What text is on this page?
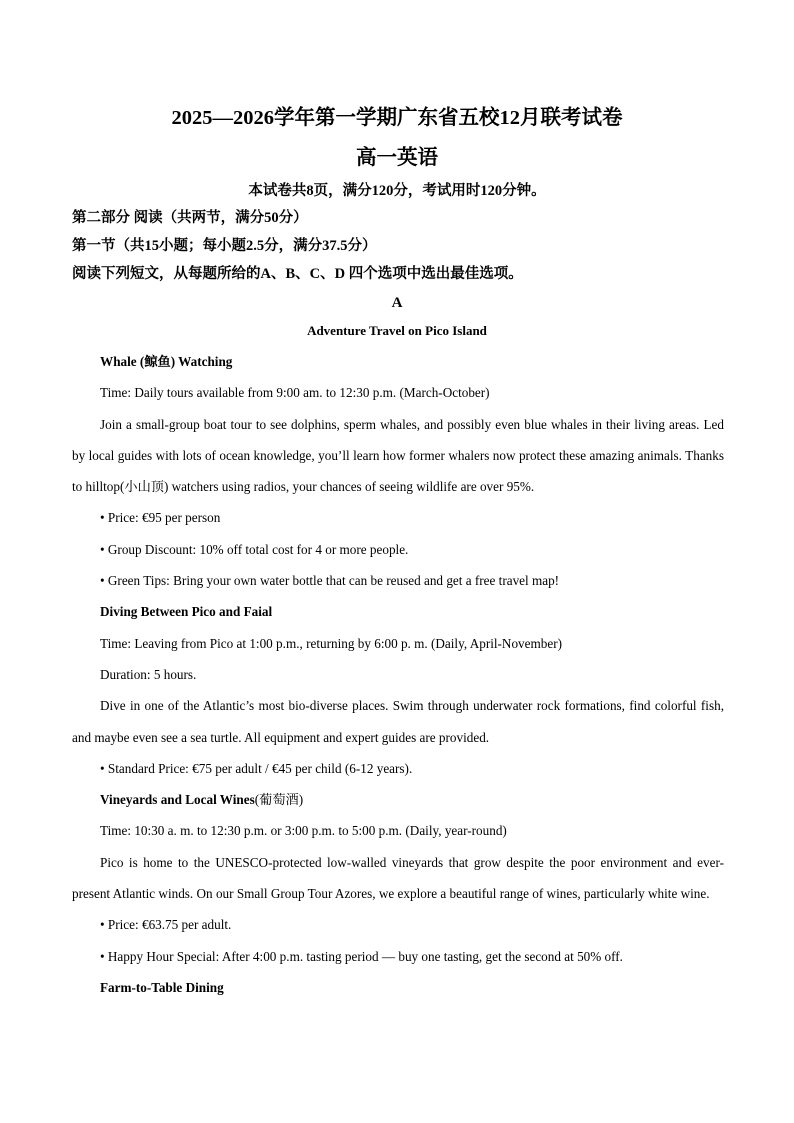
2025—2026学年第一学期广东省五校12月联考试卷
高一英语
本试卷共8页，满分120分，考试用时120分钟。
第二部分 阅读（共两节，满分50分）
第一节（共15小题；每小题2.5分，满分37.5分）
阅读下列短文，从每题所给的A、B、C、D 四个选项中选出最佳选项。
A
Adventure Travel on Pico Island

Whale (鲸鱼) Watching

Time: Daily tours available from 9:00 am. to 12:30 p.m. (March-October)

Join a small-group boat tour to see dolphins, sperm whales, and possibly even blue whales in their living areas. Led by local guides with lots of ocean knowledge, you’ll learn how former whalers now protect these amazing animals. Thanks to hilltop(小山顶) watchers using radios, your chances of seeing wildlife are over 95%.

• Price: €95 per person

• Group Discount: 10% off total cost for 4 or more people.

• Green Tips: Bring your own water bottle that can be reused and get a free travel map!

Diving Between Pico and Faial

Time: Leaving from Pico at 1:00 p.m., returning by 6:00 p. m. (Daily, April-November)

Duration: 5 hours.

Dive in one of the Atlantic’s most bio-diverse places. Swim through underwater rock formations, find colorful fish, and maybe even see a sea turtle. All equipment and expert guides are provided.

• Standard Price: €75 per adult / €45 per child (6-12 years).

Vineyards and Local Wines(葡萄酒)

Time: 10:30 a. m. to 12:30 p.m. or 3:00 p.m. to 5:00 p.m. (Daily, year-round)

Pico is home to the UNESCO-protected low-walled vineyards that grow despite the poor environment and ever-present Atlantic winds. On our Small Group Tour Azores, we explore a beautiful range of wines, particularly white wine.

• Price: €63.75 per adult.

• Happy Hour Special: After 4:00 p.m. tasting period — buy one tasting, get the second at 50% off.

Farm-to-Table Dining
